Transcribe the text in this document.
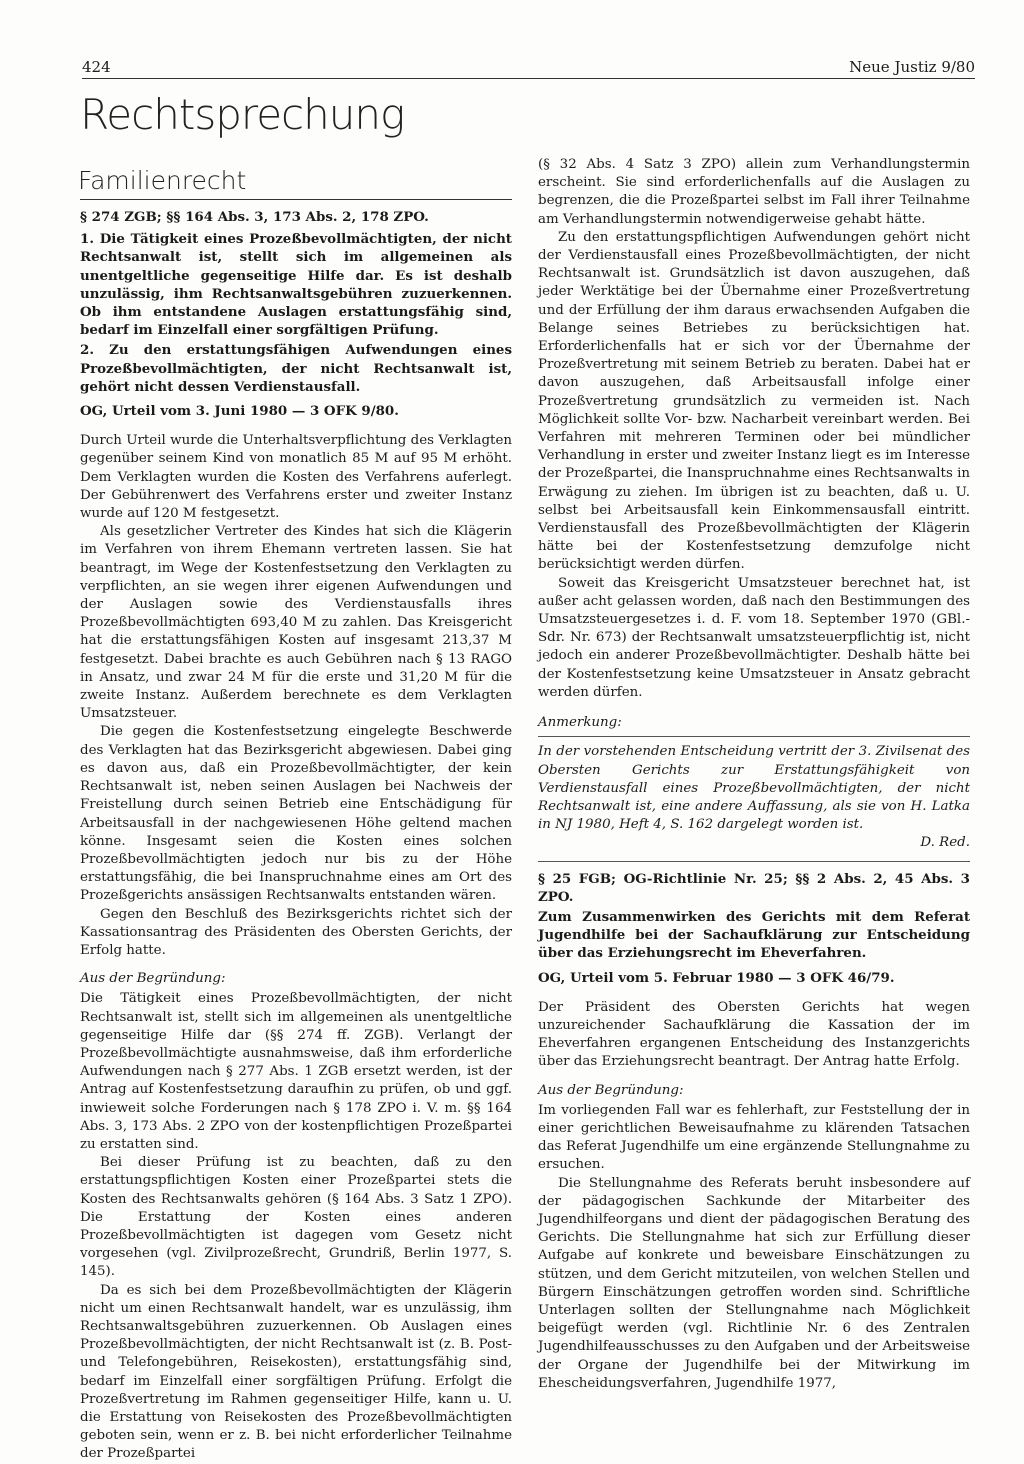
424	Neue Justiz 9/80
Rechtsprechung
Familienrecht

§ 274 ZGB; §§ 164 Abs. 3, 173 Abs. 2, 178 ZPO.

1. Die Tätigkeit eines Prozeßbevollmächtigten, der nicht Rechtsanwalt ist, stellt sich im allgemeinen als unentgeltliche gegenseitige Hilfe dar. Es ist deshalb unzulässig, ihm Rechtsanwaltsgebühren zuzuerkennen. Ob ihm entstandene Auslagen erstattungsfähig sind, bedarf im Einzelfall einer sorgfältigen Prüfung.

2. Zu den erstattungsfähigen Aufwendungen eines Prozeßbevollmächtigten, der nicht Rechtsanwalt ist, gehört nicht dessen Verdienstausfall.

OG, Urteil vom 3. Juni 1980 — 3 OFK 9/80.

Durch Urteil wurde die Unterhaltsverpflichtung des Verklagten gegenüber seinem Kind von monatlich 85 M auf 95 M erhöht. Dem Verklagten wurden die Kosten des Verfahrens auferlegt. Der Gebührenwert des Verfahrens erster und zweiter Instanz wurde auf 120 M festgesetzt.

Als gesetzlicher Vertreter des Kindes hat sich die Klägerin im Verfahren von ihrem Ehemann vertreten lassen. Sie hat beantragt, im Wege der Kostenfestsetzung den Verklagten zu verpflichten, an sie wegen ihrer eigenen Aufwendungen und der Auslagen sowie des Verdienstausfalls ihres Prozeßbevollmächtigten 693,40 M zu zahlen. Das Kreisgericht hat die erstattungsfähigen Kosten auf insgesamt 213,37 M festgesetzt. Dabei brachte es auch Gebühren nach § 13 RAGO in Ansatz, und zwar 24 M für die erste und 31,20 M für die zweite Instanz. Außerdem berechnete es dem Verklagten Umsatzsteuer.

Die gegen die Kostenfestsetzung eingelegte Beschwerde des Verklagten hat das Bezirksgericht abgewiesen. Dabei ging es davon aus, daß ein Prozeßbevollmächtigter, der kein Rechtsanwalt ist, neben seinen Auslagen bei Nachweis der Freistellung durch seinen Betrieb eine Entschädigung für Arbeitsausfall in der nachgewiesenen Höhe geltend machen könne. Insgesamt seien die Kosten eines solchen Prozeßbevollmächtigten jedoch nur bis zu der Höhe erstattungsfähig, die bei Inanspruchnahme eines am Ort des Prozeßgerichts ansässigen Rechtsanwalts entstanden wären.

Gegen den Beschluß des Bezirksgerichts richtet sich der Kassationsantrag des Präsidenten des Obersten Gerichts, der Erfolg hatte.

Aus der Begründung:

Die Tätigkeit eines Prozeßbevollmächtigten, der nicht Rechtsanwalt ist, stellt sich im allgemeinen als unentgeltliche gegenseitige Hilfe dar (§§ 274 ff. ZGB). Verlangt der Prozeßbevollmächtigte ausnahmsweise, daß ihm erforderliche Aufwendungen nach § 277 Abs. 1 ZGB ersetzt werden, ist der Antrag auf Kostenfestsetzung daraufhin zu prüfen, ob und ggf. inwieweit solche Forderungen nach § 178 ZPO i. V. m. §§ 164 Abs. 3, 173 Abs. 2 ZPO von der kostenpflichtigen Prozeßpartei zu erstatten sind.

Bei dieser Prüfung ist zu beachten, daß zu den erstattungspflichtigen Kosten einer Prozeßpartei stets die Kosten des Rechtsanwalts gehören (§ 164 Abs. 3 Satz 1 ZPO). Die Erstattung der Kosten eines anderen Prozeßbevollmächtigten ist dagegen vom Gesetz nicht vorgesehen (vgl. Zivilprozeßrecht, Grundriß, Berlin 1977, S. 145).

Da es sich bei dem Prozeßbevollmächtigten der Klägerin nicht um einen Rechtsanwalt handelt, war es unzulässig, ihm Rechtsanwaltsgebühren zuzuerkennen. Ob Auslagen eines Prozeßbevollmächtigten, der nicht Rechtsanwalt ist (z. B. Post- und Telefongebühren, Reisekosten), erstattungsfähig sind, bedarf im Einzelfall einer sorgfältigen Prüfung. Erfolgt die Prozeßvertretung im Rahmen gegenseitiger Hilfe, kann u. U. die Erstattung von Reisekosten des Prozeßbevollmächtigten geboten sein, wenn er z. B. bei nicht erforderlicher Teilnahme der Prozeßpartei

(§ 32 Abs. 4 Satz 3 ZPO) allein zum Verhandlungstermin erscheint. Sie sind erforderlichenfalls auf die Auslagen zu begrenzen, die die Prozeßpartei selbst im Fall ihrer Teilnahme am Verhandlungstermin notwendigerweise gehabt hätte.

Zu den erstattungspflichtigen Aufwendungen gehört nicht der Verdienstausfall eines Prozeßbevollmächtigten, der nicht Rechtsanwalt ist. Grundsätzlich ist davon auszugehen, daß jeder Werktätige bei der Übernahme einer Prozeßvertretung und der Erfüllung der ihm daraus erwachsenden Aufgaben die Belange seines Betriebes zu berücksichtigen hat. Erforderlichenfalls hat er sich vor der Übernahme der Prozeßvertretung mit seinem Betrieb zu beraten. Dabei hat er davon auszugehen, daß Arbeitsausfall infolge einer Prozeßvertretung grundsätzlich zu vermeiden ist. Nach Möglichkeit sollte Vor- bzw. Nacharbeit vereinbart werden. Bei Verfahren mit mehreren Terminen oder bei mündlicher Verhandlung in erster und zweiter Instanz liegt es im Interesse der Prozeßpartei, die Inanspruchnahme eines Rechtsanwalts in Erwägung zu ziehen. Im übrigen ist zu beachten, daß u. U. selbst bei Arbeitsausfall kein Einkommensausfall eintritt. Verdienstausfall des Prozeßbevollmächtigten der Klägerin hätte bei der Kostenfestsetzung demzufolge nicht berücksichtigt werden dürfen.

Soweit das Kreisgericht Umsatzsteuer berechnet hat, ist außer acht gelassen worden, daß nach den Bestimmungen des Umsatzsteuergesetzes i. d. F. vom 18. September 1970 (GBl.-Sdr. Nr. 673) der Rechtsanwalt umsatzsteuerpflichtig ist, nicht jedoch ein anderer Prozeßbevollmächtigter. Deshalb hätte bei der Kostenfestsetzung keine Umsatzsteuer in Ansatz gebracht werden dürfen.

Anmerkung:

In der vorstehenden Entscheidung vertritt der 3. Zivilsenat des Obersten Gerichts zur Erstattungsfähigkeit von Verdienstausfall eines Prozeßbevollmächtigten, der nicht Rechtsanwalt ist, eine andere Auffassung, als sie von H. Latka in NJ 1980, Heft 4, S. 162 dargelegt worden ist.

D. Red.

§ 25 FGB; OG-Richtlinie Nr. 25; §§ 2 Abs. 2, 45 Abs. 3 ZPO.

Zum Zusammenwirken des Gerichts mit dem Referat Jugendhilfe bei der Sachaufklärung zur Entscheidung über das Erziehungsrecht im Eheverfahren.

OG, Urteil vom 5. Februar 1980 — 3 OFK 46/79.

Der Präsident des Obersten Gerichts hat wegen unzureichender Sachaufklärung die Kassation der im Eheverfahren ergangenen Entscheidung des Instanzgerichts über das Erziehungsrecht beantragt. Der Antrag hatte Erfolg.

Aus der Begründung:

Im vorliegenden Fall war es fehlerhaft, zur Feststellung der in einer gerichtlichen Beweisaufnahme zu klärenden Tatsachen das Referat Jugendhilfe um eine ergänzende Stellungnahme zu ersuchen.

Die Stellungnahme des Referats beruht insbesondere auf der pädagogischen Sachkunde der Mitarbeiter des Jugendhilfeorgans und dient der pädagogischen Beratung des Gerichts. Die Stellungnahme hat sich zur Erfüllung dieser Aufgabe auf konkrete und beweisbare Einschätzungen zu stützen, und dem Gericht mitzuteilen, von welchen Stellen und Bürgern Einschätzungen getroffen worden sind. Schriftliche Unterlagen sollten der Stellungnahme nach Möglichkeit beigefügt werden (vgl. Richtlinie Nr. 6 des Zentralen Jugendhilfeausschusses zu den Aufgaben und der Arbeitsweise der Organe der Jugendhilfe bei der Mitwirkung im Ehescheidungsverfahren, Jugendhilfe 1977,
